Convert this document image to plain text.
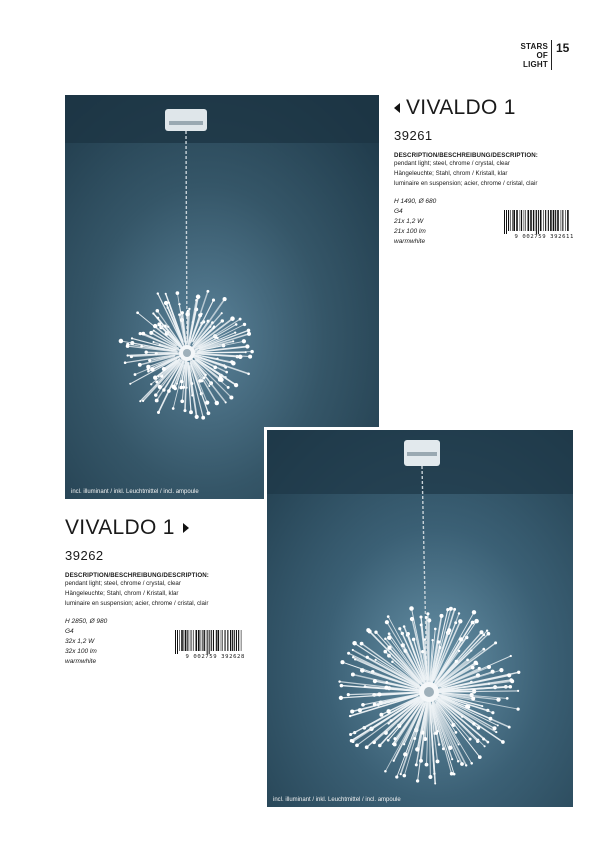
STARS
OF
LIGHT
15
incl. illuminant / inkl. Leuchtmittel / incl. ampoule
VIVALDO 1
39261
DESCRIPTION/BESCHREIBUNG/DESCRIPTION:
pendant light; steel, chrome / crystal, clear
Hängeleuchte; Stahl, chrom / Kristall, klar
luminaire en suspension; acier, chrome / cristal, clair
H 1490, Ø 680
G4
21x 1,2 W
21x 100 lm
warmwhite
9 002759 392611
VIVALDO 1
39262
DESCRIPTION/BESCHREIBUNG/DESCRIPTION:
pendant light; steel, chrome / crystal, clear
Hängeleuchte; Stahl, chrom / Kristall, klar
luminaire en suspension; acier, chrome / cristal, clair
H 2850, Ø 980
G4
32x 1,2 W
32x 100 lm
warmwhite
9 002759 392628
incl. illuminant / inkl. Leuchtmittel / incl. ampoule
